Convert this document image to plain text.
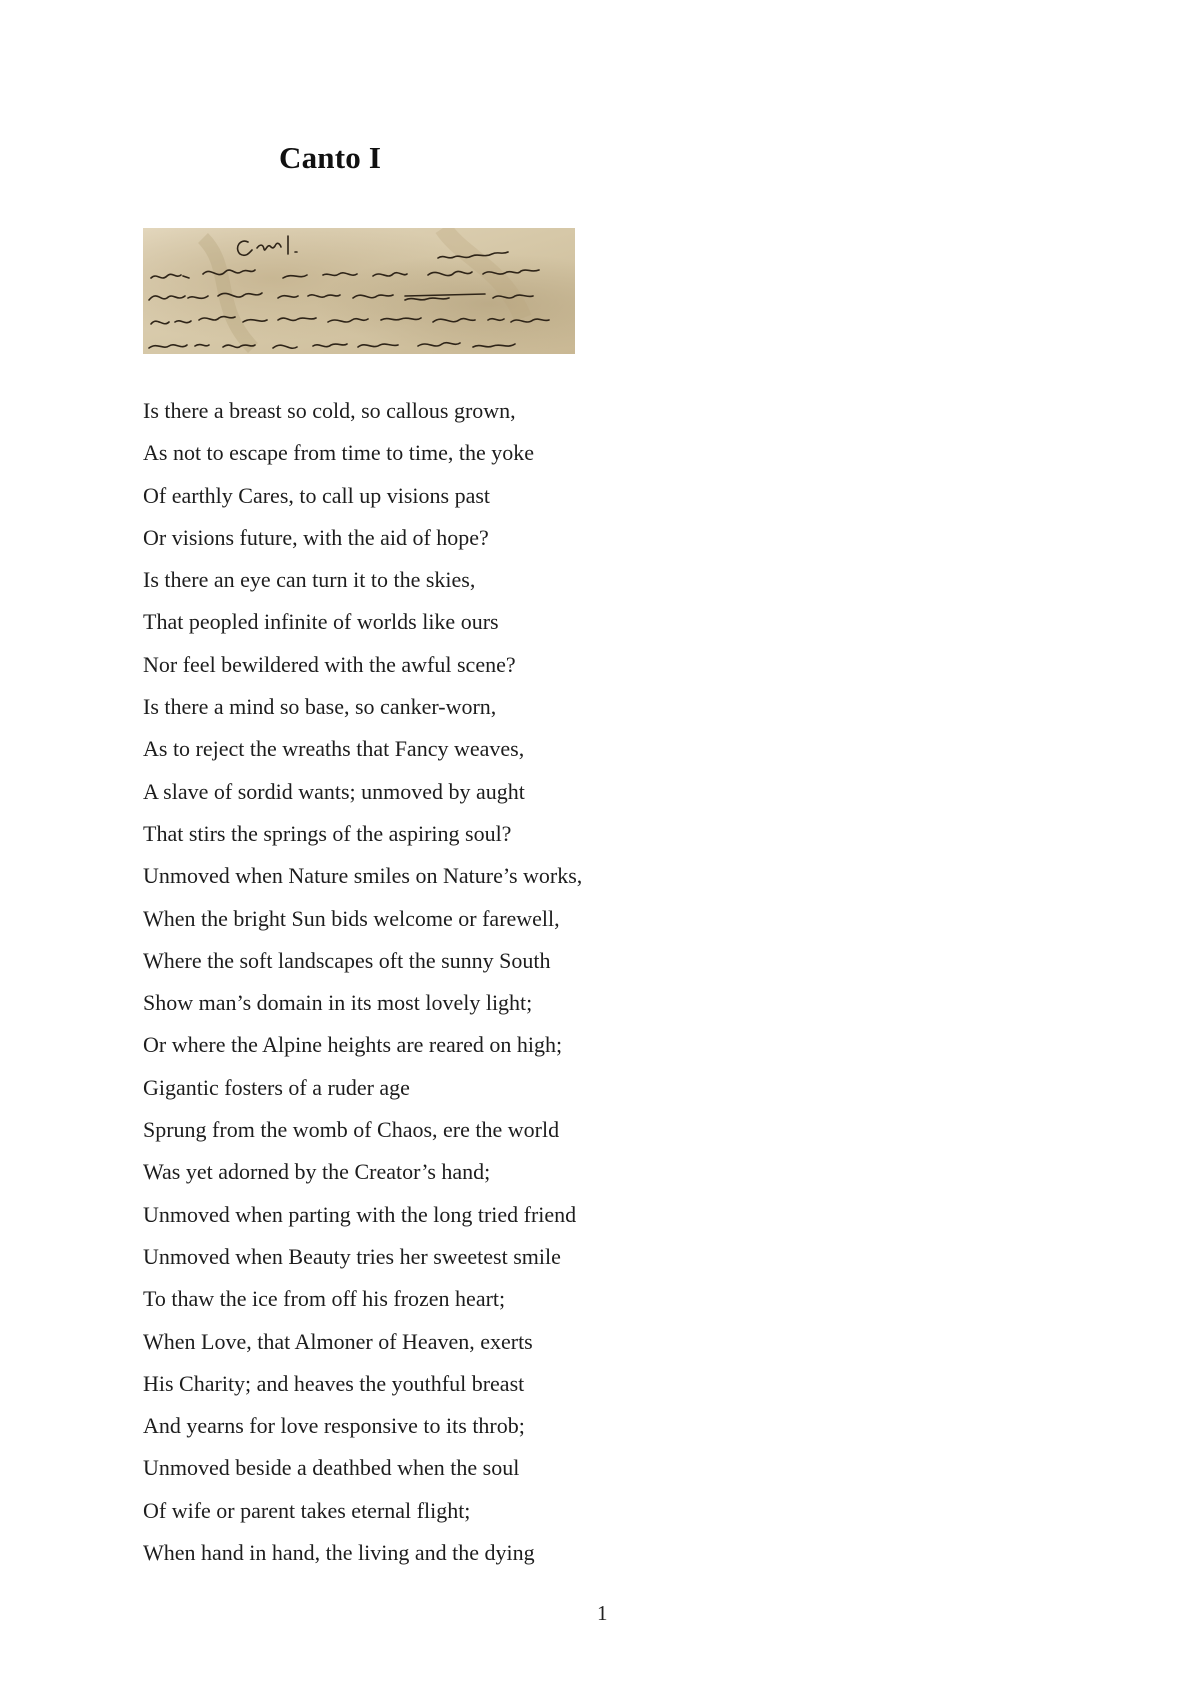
Canto I
Is there a breast so cold, so callous grown,
As not to escape from time to time, the yoke
Of earthly Cares, to call up visions past
Or visions future, with the aid of hope?
Is there an eye can turn it to the skies,
That peopled infinite of worlds like ours
Nor feel bewildered with the awful scene?
Is there a mind so base, so canker-worn,
As to reject the wreaths that Fancy weaves,
A slave of sordid wants; unmoved by aught
That stirs the springs of the aspiring soul?
Unmoved when Nature smiles on Nature’s works,
When the bright Sun bids welcome or farewell,
Where the soft landscapes oft the sunny South
Show man’s domain in its most lovely light;
Or where the Alpine heights are reared on high;
Gigantic fosters of a ruder age
Sprung from the womb of Chaos, ere the world
Was yet adorned by the Creator’s hand;
Unmoved when parting with the long tried friend
Unmoved when Beauty tries her sweetest smile
To thaw the ice from off his frozen heart;
When Love, that Almoner of Heaven, exerts
His Charity; and heaves the youthful breast
And yearns for love responsive to its throb;
Unmoved beside a deathbed when the soul
Of wife or parent takes eternal flight;
When hand in hand, the living and the dying
1
